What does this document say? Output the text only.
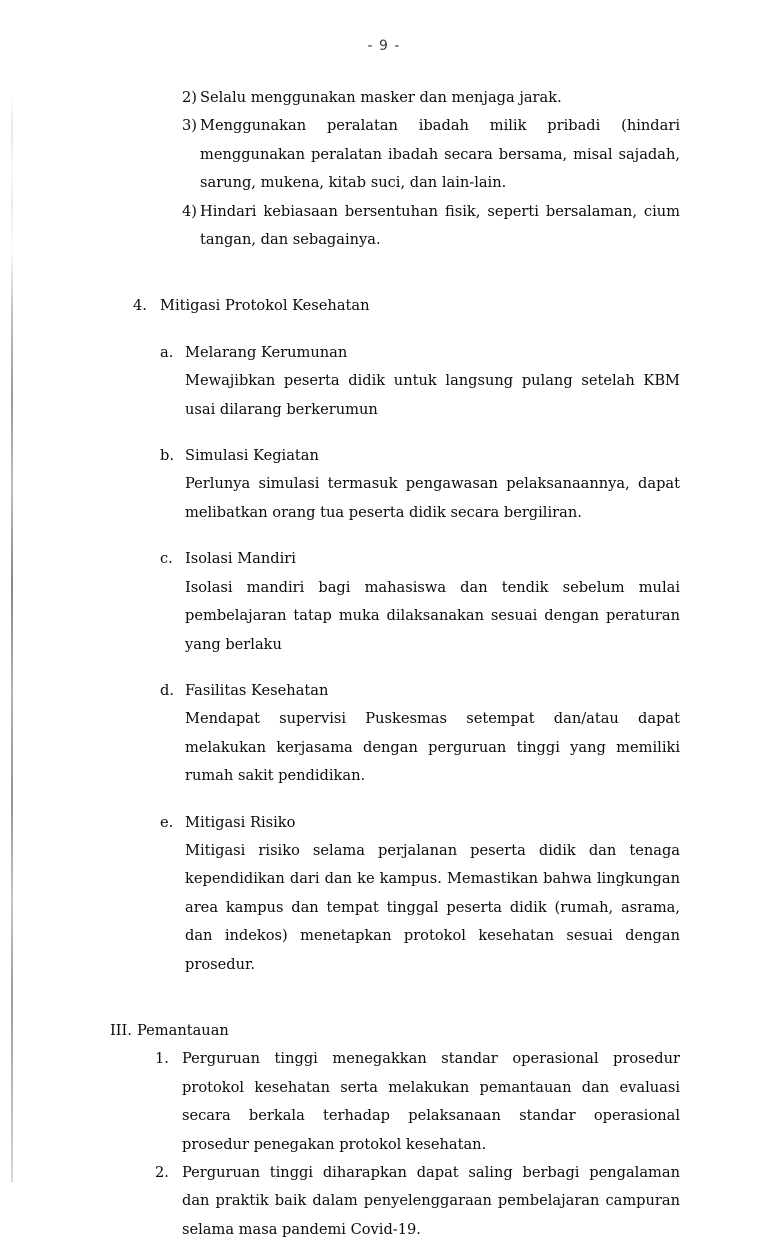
- 9 -
2) Selalu menggunakan masker dan menjaga jarak.
3) Menggunakan peralatan ibadah milik pribadi (hindari menggunakan peralatan ibadah secara bersama, misal sajadah, sarung, mukena, kitab suci, dan lain-lain.
4) Hindari kebiasaan bersentuhan fisik, seperti bersalaman, cium tangan, dan sebagainya.
4. Mitigasi Protokol Kesehatan
a. Melarang Kerumunan
Mewajibkan peserta didik untuk langsung pulang setelah KBM usai dilarang berkerumun
b. Simulasi Kegiatan
Perlunya simulasi termasuk pengawasan pelaksanaannya, dapat melibatkan orang tua peserta didik secara bergiliran.
c. Isolasi Mandiri
Isolasi mandiri bagi mahasiswa dan tendik sebelum mulai pembelajaran tatap muka dilaksanakan sesuai dengan peraturan yang berlaku
d. Fasilitas Kesehatan
Mendapat supervisi Puskesmas setempat dan/atau dapat melakukan kerjasama dengan perguruan tinggi yang memiliki rumah sakit pendidikan.
e. Mitigasi Risiko
Mitigasi risiko selama perjalanan peserta didik dan tenaga kependidikan dari dan ke kampus. Memastikan bahwa lingkungan area kampus dan tempat tinggal peserta didik (rumah, asrama, dan indekos) menetapkan protokol kesehatan sesuai dengan prosedur.
III. Pemantauan
1. Perguruan tinggi menegakkan standar operasional prosedur protokol kesehatan serta melakukan pemantauan dan evaluasi secara berkala terhadap pelaksanaan standar operasional prosedur penegakan protokol kesehatan.
2. Perguruan tinggi diharapkan dapat saling berbagi pengalaman dan praktik baik dalam penyelenggaraan pembelajaran campuran selama masa pandemi Covid-19.
